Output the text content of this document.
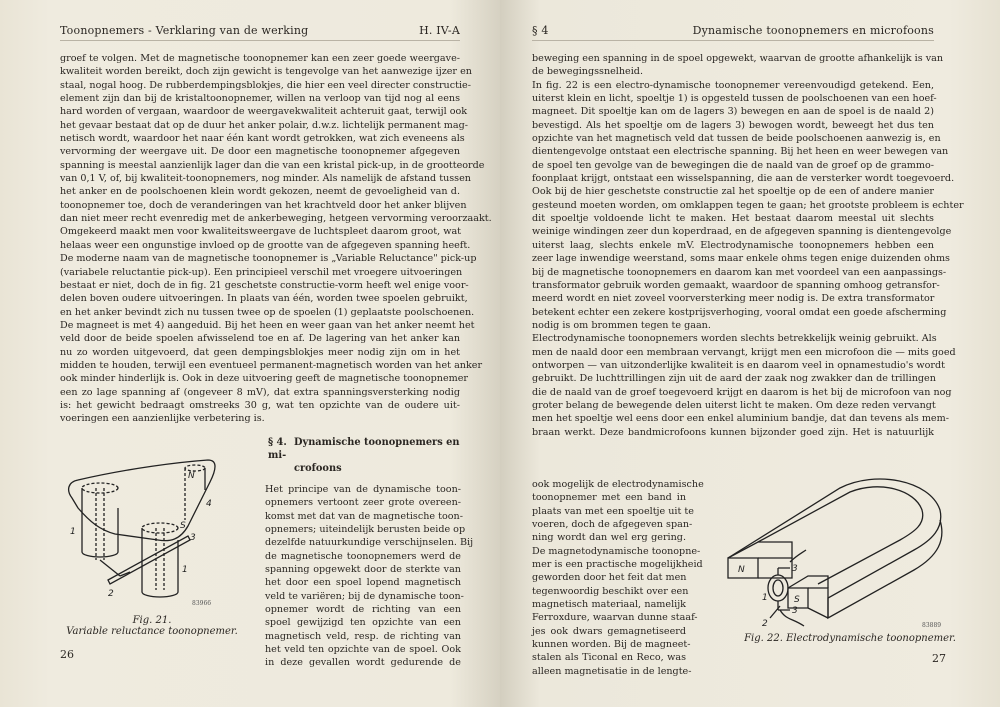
Toonopnemers - Verklaring van de werking	H. IV-A
groef te volgen. Met de magnetische toonopnemer kan een zeer goede weergave-
kwaliteit worden bereikt, doch zijn gewicht is tengevolge van het aanwezige ijzer en
staal, nogal hoog. De rubberdempingsblokjes, die hier een veel directer constructie-
element zijn dan bij de kristaltoonopnemer, willen na verloop van tijd nog al eens
hard worden of vergaan, waardoor de weergavekwaliteit achteruit gaat, terwijl ook
het gevaar bestaat dat op de duur het anker polair, d.w.z. lichtelijk permanent mag-
netisch wordt, waardoor het naar één kant wordt getrokken, wat zich eveneens als
vervorming der weergave uit. De door een magnetische toonopnemer afgegeven
spanning is meestal aanzienlijk lager dan die van een kristal pick-up, in de grootteorde
van 0,1 V, of, bij kwaliteit-toonopnemers, nog minder. Als namelijk de afstand tussen
het anker en de poolschoenen klein wordt gekozen, neemt de gevoeligheid van d.
toonopnemer toe, doch de veranderingen van het krachtveld door het anker blijven
dan niet meer recht evenredig met de ankerbeweging, hetgeen vervorming veroorzaakt.
Omgekeerd maakt men voor kwaliteitsweergave de luchtspleet daarom groot, wat
helaas weer een ongunstige invloed op de grootte van de afgegeven spanning heeft.
De moderne naam van de magnetische toonopnemer is „Variable Reluctance" pick-up
(variabele reluctantie pick-up). Een principieel verschil met vroegere uitvoeringen
bestaat er niet, doch de in fig. 21 geschetste constructie-vorm heeft wel enige voor-
delen boven oudere uitvoeringen. In plaats van één, worden twee spoelen gebruikt,
en het anker bevindt zich nu tussen twee op de spoelen (1) geplaatste poolschoenen.
De magneet is met 4) aangeduid. Bij het heen en weer gaan van het anker neemt het
veld door de beide spoelen afwisselend toe en af. De lagering van het anker kan
nu zo worden uitgevoerd, dat geen dempingsblokjes meer nodig zijn om in het
midden te houden, terwijl een eventueel permanent-magnetisch worden van het anker
ook minder hinderlijk is. Ook in deze uitvoering geeft de magnetische toonopnemer
een zo lage spanning af (ongeveer 8 mV), dat extra spanningsversterking nodig
is: het gewicht bedraagt omstreeks 30 g, wat ten opzichte van de oudere uit-
voeringen een aanzienlijke verbetering is.
§ 4. Dynamische toonopnemers en mi-
crofoons
Het principe van de dynamische toon-
opnemers vertoont zeer grote overeen-
komst met dat van de magnetische toon-
opnemers; uiteindelijk berusten beide op
dezelfde natuurkundige verschijnselen. Bij
de magnetische toonopnemers werd de
spanning opgewekt door de sterkte van
het door een spoel lopend magnetisch
veld te variëren; bij de dynamische toon-
opnemer wordt de richting van een
spoel gewijzigd ten opzichte van een
magnetisch veld, resp. de richting van
het veld ten opzichte van de spoel. Ook
in deze gevallen wordt gedurende de
N
S
1
1
2
3
4
83966
Fig. 21.
Variable reluctance toonopnemer.
26
§ 4	Dynamische toonopnemers en microfoons
beweging een spanning in de spoel opgewekt, waarvan de grootte afhankelijk is van
de bewegingssnelheid.
In fig. 22 is een electro-dynamische toonopnemer vereenvoudigd getekend. Een,
uiterst klein en licht, spoeltje 1) is opgesteld tussen de poolschoenen van een hoef-
magneet. Dit spoeltje kan om de lagers 3) bewegen en aan de spoel is de naald 2)
bevestigd. Als het spoeltje om de lagers 3) bewogen wordt, beweegt het dus ten
opzichte van het magnetisch veld dat tussen de beide poolschoenen aanwezig is, en
dientengevolge ontstaat een electrische spanning. Bij het heen en weer bewegen van
de spoel ten gevolge van de bewegingen die de naald van de groef op de grammo-
foonplaat krijgt, ontstaat een wisselspanning, die aan de versterker wordt toegevoerd.
Ook bij de hier geschetste constructie zal het spoeltje op de een of andere manier
gesteund moeten worden, om omklappen tegen te gaan; het grootste probleem is echter
dit spoeltje voldoende licht te maken. Het bestaat daarom meestal uit slechts
weinige windingen zeer dun koperdraad, en de afgegeven spanning is dientengevolge
uiterst laag, slechts enkele mV. Electrodynamische toonopnemers hebben een
zeer lage inwendige weerstand, soms maar enkele ohms tegen enige duizenden ohms
bij de magnetische toonopnemers en daarom kan met voordeel van een aanpassings-
transformator gebruik worden gemaakt, waardoor de spanning omhoog getransfor-
meerd wordt en niet zoveel voorversterking meer nodig is. De extra transformator
betekent echter een zekere kostprijsverhoging, vooral omdat een goede afscherming
nodig is om brommen tegen te gaan.
Electrodynamische toonopnemers worden slechts betrekkelijk weinig gebruikt. Als
men de naald door een membraan vervangt, krijgt men een microfoon die — mits goed
ontworpen — van uitzonderlijke kwaliteit is en daarom veel in opnamestudio's wordt
gebruikt. De luchttrillingen zijn uit de aard der zaak nog zwakker dan de trillingen
die de naald van de groef toegevoerd krijgt en daarom is het bij de microfoon van nog
groter belang de bewegende delen uiterst licht te maken. Om deze reden vervangt
men het spoeltje wel eens door een enkel aluminium bandje, dat dan tevens als mem-
braan werkt. Deze bandmicrofoons kunnen bijzonder goed zijn. Het is natuurlijk
ook mogelijk de electrodynamische
toonopnemer met een band in
plaats van met een spoeltje uit te
voeren, doch de afgegeven span-
ning wordt dan wel erg gering.
De magnetodynamische toonopne-
mer is een practische mogelijkheid
geworden door het feit dat men
tegenwoordig beschikt over een
magnetisch materiaal, namelijk
Ferroxdure, waarvan dunne staaf-
jes ook dwars gemagnetiseerd
kunnen worden. Bij de magneet-
stalen als Ticonal en Reco, was
alleen magnetisatie in de lengte-
N
S
1
2
3
3
83889
Fig. 22. Electrodynamische toonopnemer.
27
